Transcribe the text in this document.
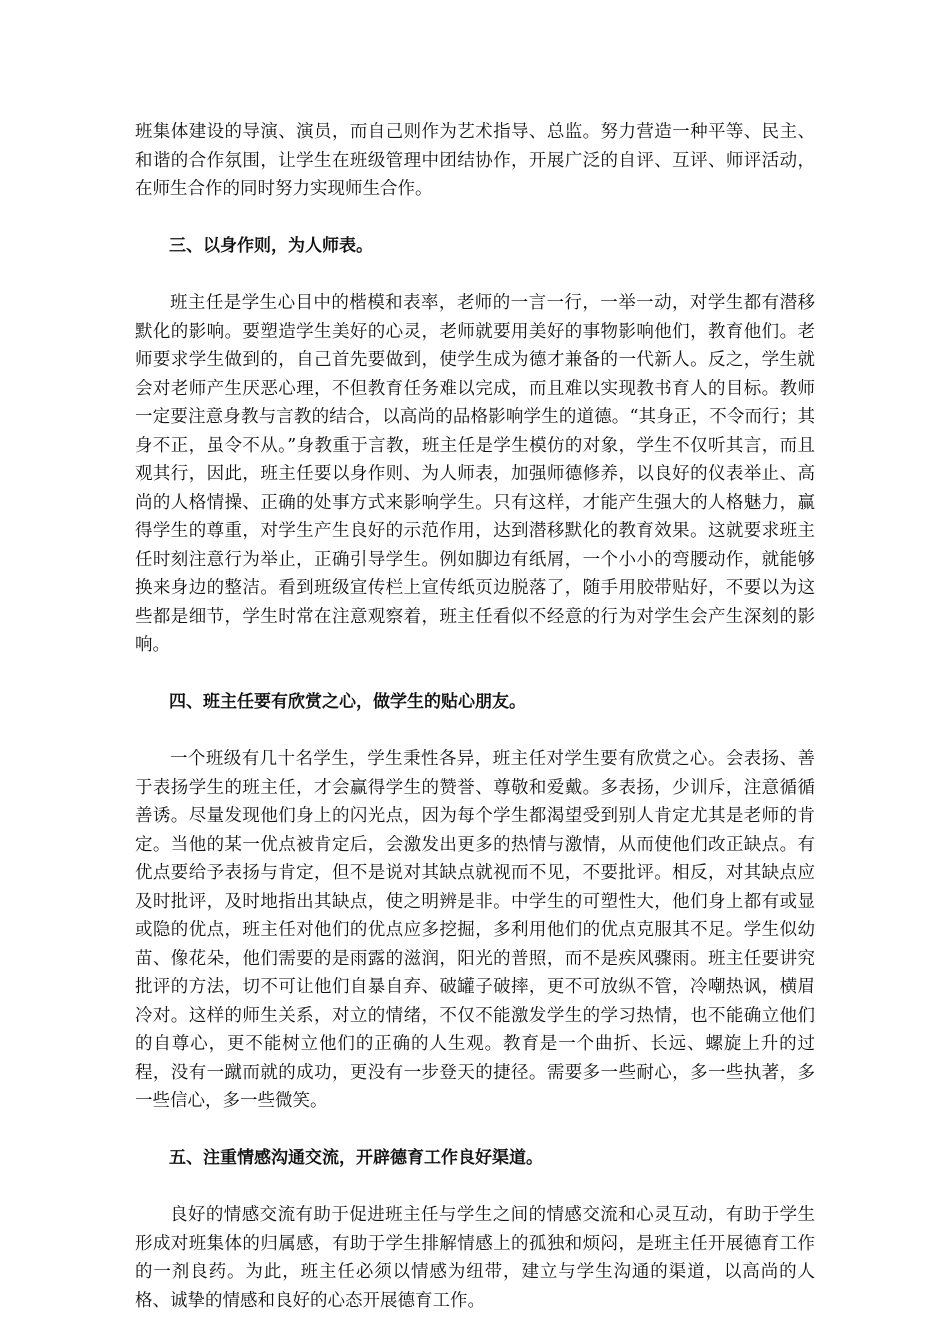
班集体建设的导演、演员，而自己则作为艺术指导、总监。努力营造一种平等、民主、和谐的合作氛围，让学生在班级管理中团结协作，开展广泛的自评、互评、师评活动，在师生合作的同时努力实现师生合作。

三、以身作则，为人师表。

班主任是学生心目中的楷模和表率，老师的一言一行，一举一动，对学生都有潜移默化的影响。要塑造学生美好的心灵，老师就要用美好的事物影响他们，教育他们。老师要求学生做到的，自己首先要做到，使学生成为德才兼备的一代新人。反之，学生就会对老师产生厌恶心理，不但教育任务难以完成，而且难以实现教书育人的目标。教师一定要注意身教与言教的结合，以高尚的品格影响学生的道德。“其身正，不令而行；其身不正，虽令不从。”身教重于言教，班主任是学生模仿的对象，学生不仅听其言，而且观其行，因此，班主任要以身作则、为人师表，加强师德修养，以良好的仪表举止、高尚的人格情操、正确的处事方式来影响学生。只有这样，才能产生强大的人格魅力，赢得学生的尊重，对学生产生良好的示范作用，达到潜移默化的教育效果。这就要求班主任时刻注意行为举止，正确引导学生。例如脚边有纸屑，一个小小的弯腰动作，就能够换来身边的整洁。看到班级宣传栏上宣传纸页边脱落了，随手用胶带贴好，不要以为这些都是细节，学生时常在注意观察着，班主任看似不经意的行为对学生会产生深刻的影响。

四、班主任要有欣赏之心，做学生的贴心朋友。

一个班级有几十名学生，学生秉性各异，班主任对学生要有欣赏之心。会表扬、善于表扬学生的班主任，才会赢得学生的赞誉、尊敬和爱戴。多表扬，少训斥，注意循循善诱。尽量发现他们身上的闪光点，因为每个学生都渴望受到别人肯定尤其是老师的肯定。当他的某一优点被肯定后，会激发出更多的热情与激情，从而使他们改正缺点。有优点要给予表扬与肯定，但不是说对其缺点就视而不见，不要批评。相反，对其缺点应及时批评，及时地指出其缺点，使之明辨是非。中学生的可塑性大，他们身上都有或显或隐的优点，班主任对他们的优点应多挖掘，多利用他们的优点克服其不足。学生似幼苗、像花朵，他们需要的是雨露的滋润，阳光的普照，而不是疾风骤雨。班主任要讲究批评的方法，切不可让他们自暴自弃、破罐子破摔，更不可放纵不管，冷嘲热讽，横眉冷对。这样的师生关系，对立的情绪，不仅不能激发学生的学习热情，也不能确立他们的自尊心，更不能树立他们的正确的人生观。教育是一个曲折、长远、螺旋上升的过程，没有一蹴而就的成功，更没有一步登天的捷径。需要多一些耐心，多一些执著，多一些信心，多一些微笑。

五、注重情感沟通交流，开辟德育工作良好渠道。

良好的情感交流有助于促进班主任与学生之间的情感交流和心灵互动，有助于学生形成对班集体的归属感，有助于学生排解情感上的孤独和烦闷，是班主任开展德育工作的一剂良药。为此，班主任必须以情感为纽带，建立与学生沟通的渠道，以高尚的人格、诚挚的情感和良好的心态开展德育工作。
